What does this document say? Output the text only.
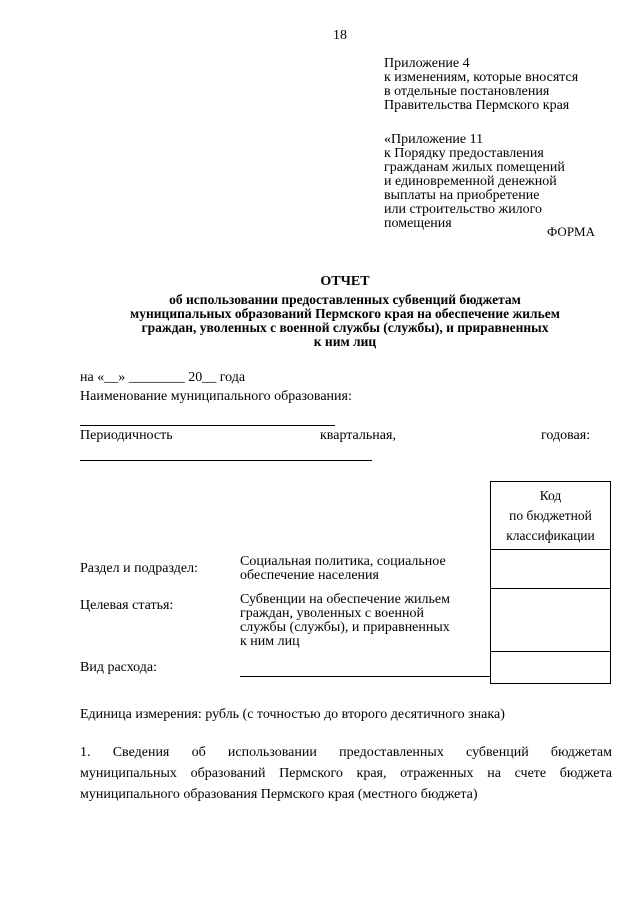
18
Приложение 4
к изменениям, которые вносятся
в отдельные постановления
Правительства Пермского края
«Приложение 11
к Порядку предоставления
гражданам жилых помещений
и единовременной денежной
выплаты на приобретение
или строительство жилого
помещения
ФОРМА
ОТЧЕТ
об использовании предоставленных субвенций бюджетам
муниципальных образований Пермского края на обеспечение жильем
граждан, уволенных с военной службы (службы), и приравненных
к ним лиц
на «__» ________ 20__ года
Наименование муниципального образования:
Периодичность	квартальная,	годовая:
Код
по бюджетной
классификации

Раздел и подраздел:	Социальная политика, социальное
обеспечение населения
Целевая статья:	Субвенции на обеспечение жильем
граждан, уволенных с военной
службы (службы), и приравненных
к ним лиц
Вид расхода:
Единица измерения: рубль (с точностью до второго десятичного знака)
1. Сведения об использовании предоставленных субвенций бюджетам
муниципальных образований Пермского края, отраженных на счете бюджета
муниципального образования Пермского края (местного бюджета)
